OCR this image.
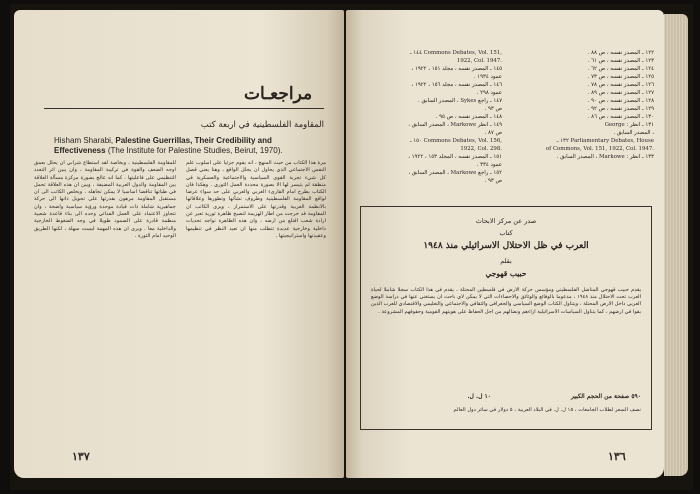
مراجعـات
المقاومة الفلسطينية في اربعة كتب
Hisham Sharabi, Palestine Guerrillas, Their Credibility and Effectiveness (The Institute for Palestine Studies, Beirut, 1970).
مرة هذا الكتاب من حيث المنهج ، انه يقوم جزئيا على اسلوب علم النفس الاجتماعي الذي يحاول ان يحلل الواقع ، وهنا يعني قصل كل شيء تجربة القوى السياسية والاجتماعية والعسكرية في منطقة لم يتيسر لها الا بصورة محددة العمل الثوري . وهكذا فان الكتاب يطرح امام القارىء الغربي والعربي على حد سواء عرضا لواقع المقاومة الفلسطينية وظروف نشأتها وتطورها وعلاقاتها بالانظمة العربية وقدرتها على الاستمرار ، ويرى الكاتب ان المقاومة قد خرجت من اطار الهزيمة لتصبح ظاهرة ثورية تعبر عن ارادة شعب اقتلع من ارضه ، وان هذه الظاهرة تواجه تحديات داخلية وخارجية عديدة تتطلب منها ان تعيد النظر في تنظيمها وعقيدتها واستراتيجيتها .
للمقاومة الفلسطينية ، وبخاصة لقد استطاع شرابي ان يحلل بعمق اوجه الضعف والقوة في تركيبة المقاومة ، وان يبين اثر التعدد التنظيمي على فاعليتها . كما انه عالج بصورة مركزة مسألة العلاقة بين المقاومة والدول العربية المضيفة ، وبين ان هذه العلاقة تحمل في طياتها تناقضا اساسيا لا يمكن تجاهله . ويخلص الكاتب الى ان مستقبل المقاومة مرهون بقدرتها على تحويل ذاتها الى حركة جماهيرية شاملة ذات قيادة موحدة ورؤية سياسية واضحة ، وان تتجاوز الاعتماد على العمل الفدائي وحده الى بناء قاعدة شعبية منظمة قادرة على الصمود طويلا في وجه الضغوط الخارجية والداخلية معا . ويرى ان هذه المهمة ليست سهلة ، لكنها الطريق الوحيد امام الثورة .
١٣٧
١٢٢ ـ المصدر نفسه ، ص ٨٨ .
١٢٣ ـ المصدر نفسه ، ص ٦١ .
١٢٤ ـ المصدر نفسه ، ص ٦٢ .
١٢٥ ـ المصدر نفسه ، ص ٧٣ .
١٢٦ ـ المصدر نفسه ، ص ٧٨ .
١٢٧ ـ المصدر نفسه ، ص ٨٩ .
١٢٨ ـ المصدر نفسه ، ص ٩٠ .
١٢٩ ـ المصدر نفسه ، ص ٩٢ .
١٣٠ ـ المصدر نفسه ، ص ٨٦ .
١٣١ ـ انظر : George
، المصدر السابق .
١٣٢ ـ Parliamentary Debates, House
of Commons, Vol. 151, 1922, Col. 1947.
١٣٣ ـ انظر : Markowe ، المصدر السابق .
١٤٤ ـ Commons Debates, Vol. 151,
1922, Col. 1947.
١٤٥ ـ المصدر نفسه ، مجلد ١٥١ ، ١٩٢٢ ،
عمود ١٩٣٤ .
١٤٦ ـ المصدر نفسه ، مجلد ١٥٦ ، ١٩٢٢ ،
عمود ٢٩٨ .
١٤٧ ـ راجع Sykes ، المصدر السابق .
ص ٩٣ .
١٤٨ ـ المصدر نفسه ، ص ٩٥ .
١٤٩ ـ انظر Markowe ، المصدر السابق ،
ص ٨٧ .
١٥٠ ـ Commons Debates, Vol. 156,
1922, Col. 298.
١٥١ ـ المصدر نفسه ، المجلد ١٥٣ ، ١٩٢٢ ،
عمود ٣٣٤ .
١٥٢ ـ راجع Markowe ، المصدر السابق ،
ص ٩٣ .
صدر عن مركز الابحاث
كتاب
العرب في ظل الاحتلال الاسرائيلي منذ ١٩٤٨
بقلم
حبيب قهوجي
يقدم حبيب قهوجي المناضل الفلسطيني ومؤسس حركة الارض في فلسطين المحتلة ، يقدم في هذا الكتاب سجلا شاملا لحياة العرب تحت الاحتلال منذ ١٩٤٨ ، مدعوما بالوقائع والوثائق والاحصاءات التي لا يمكن لاي باحث ان يستغني عنها في دراسة الوضع العربي داخل الارض المحتلة ، ويتناول الكتاب الوضع السياسي والجغرافي والثقافي والاجتماعي والتعليمي والاقتصادي للعرب الذين بقوا في ارضهم ، كما يتناول السياسات الاسرائيلية ازاءهم ونضالهم من اجل الحفاظ على هويتهم القومية وحقوقهم المشروعة .
٥٩٠ صفحة من الحجم الكبير
١٠ ل. ل.
نصف السعر لطلاب الجامعات ، ١٥ ل. ل. في البلاد العربية ، ٥ دولار في سائر دول العالم
١٣٦
